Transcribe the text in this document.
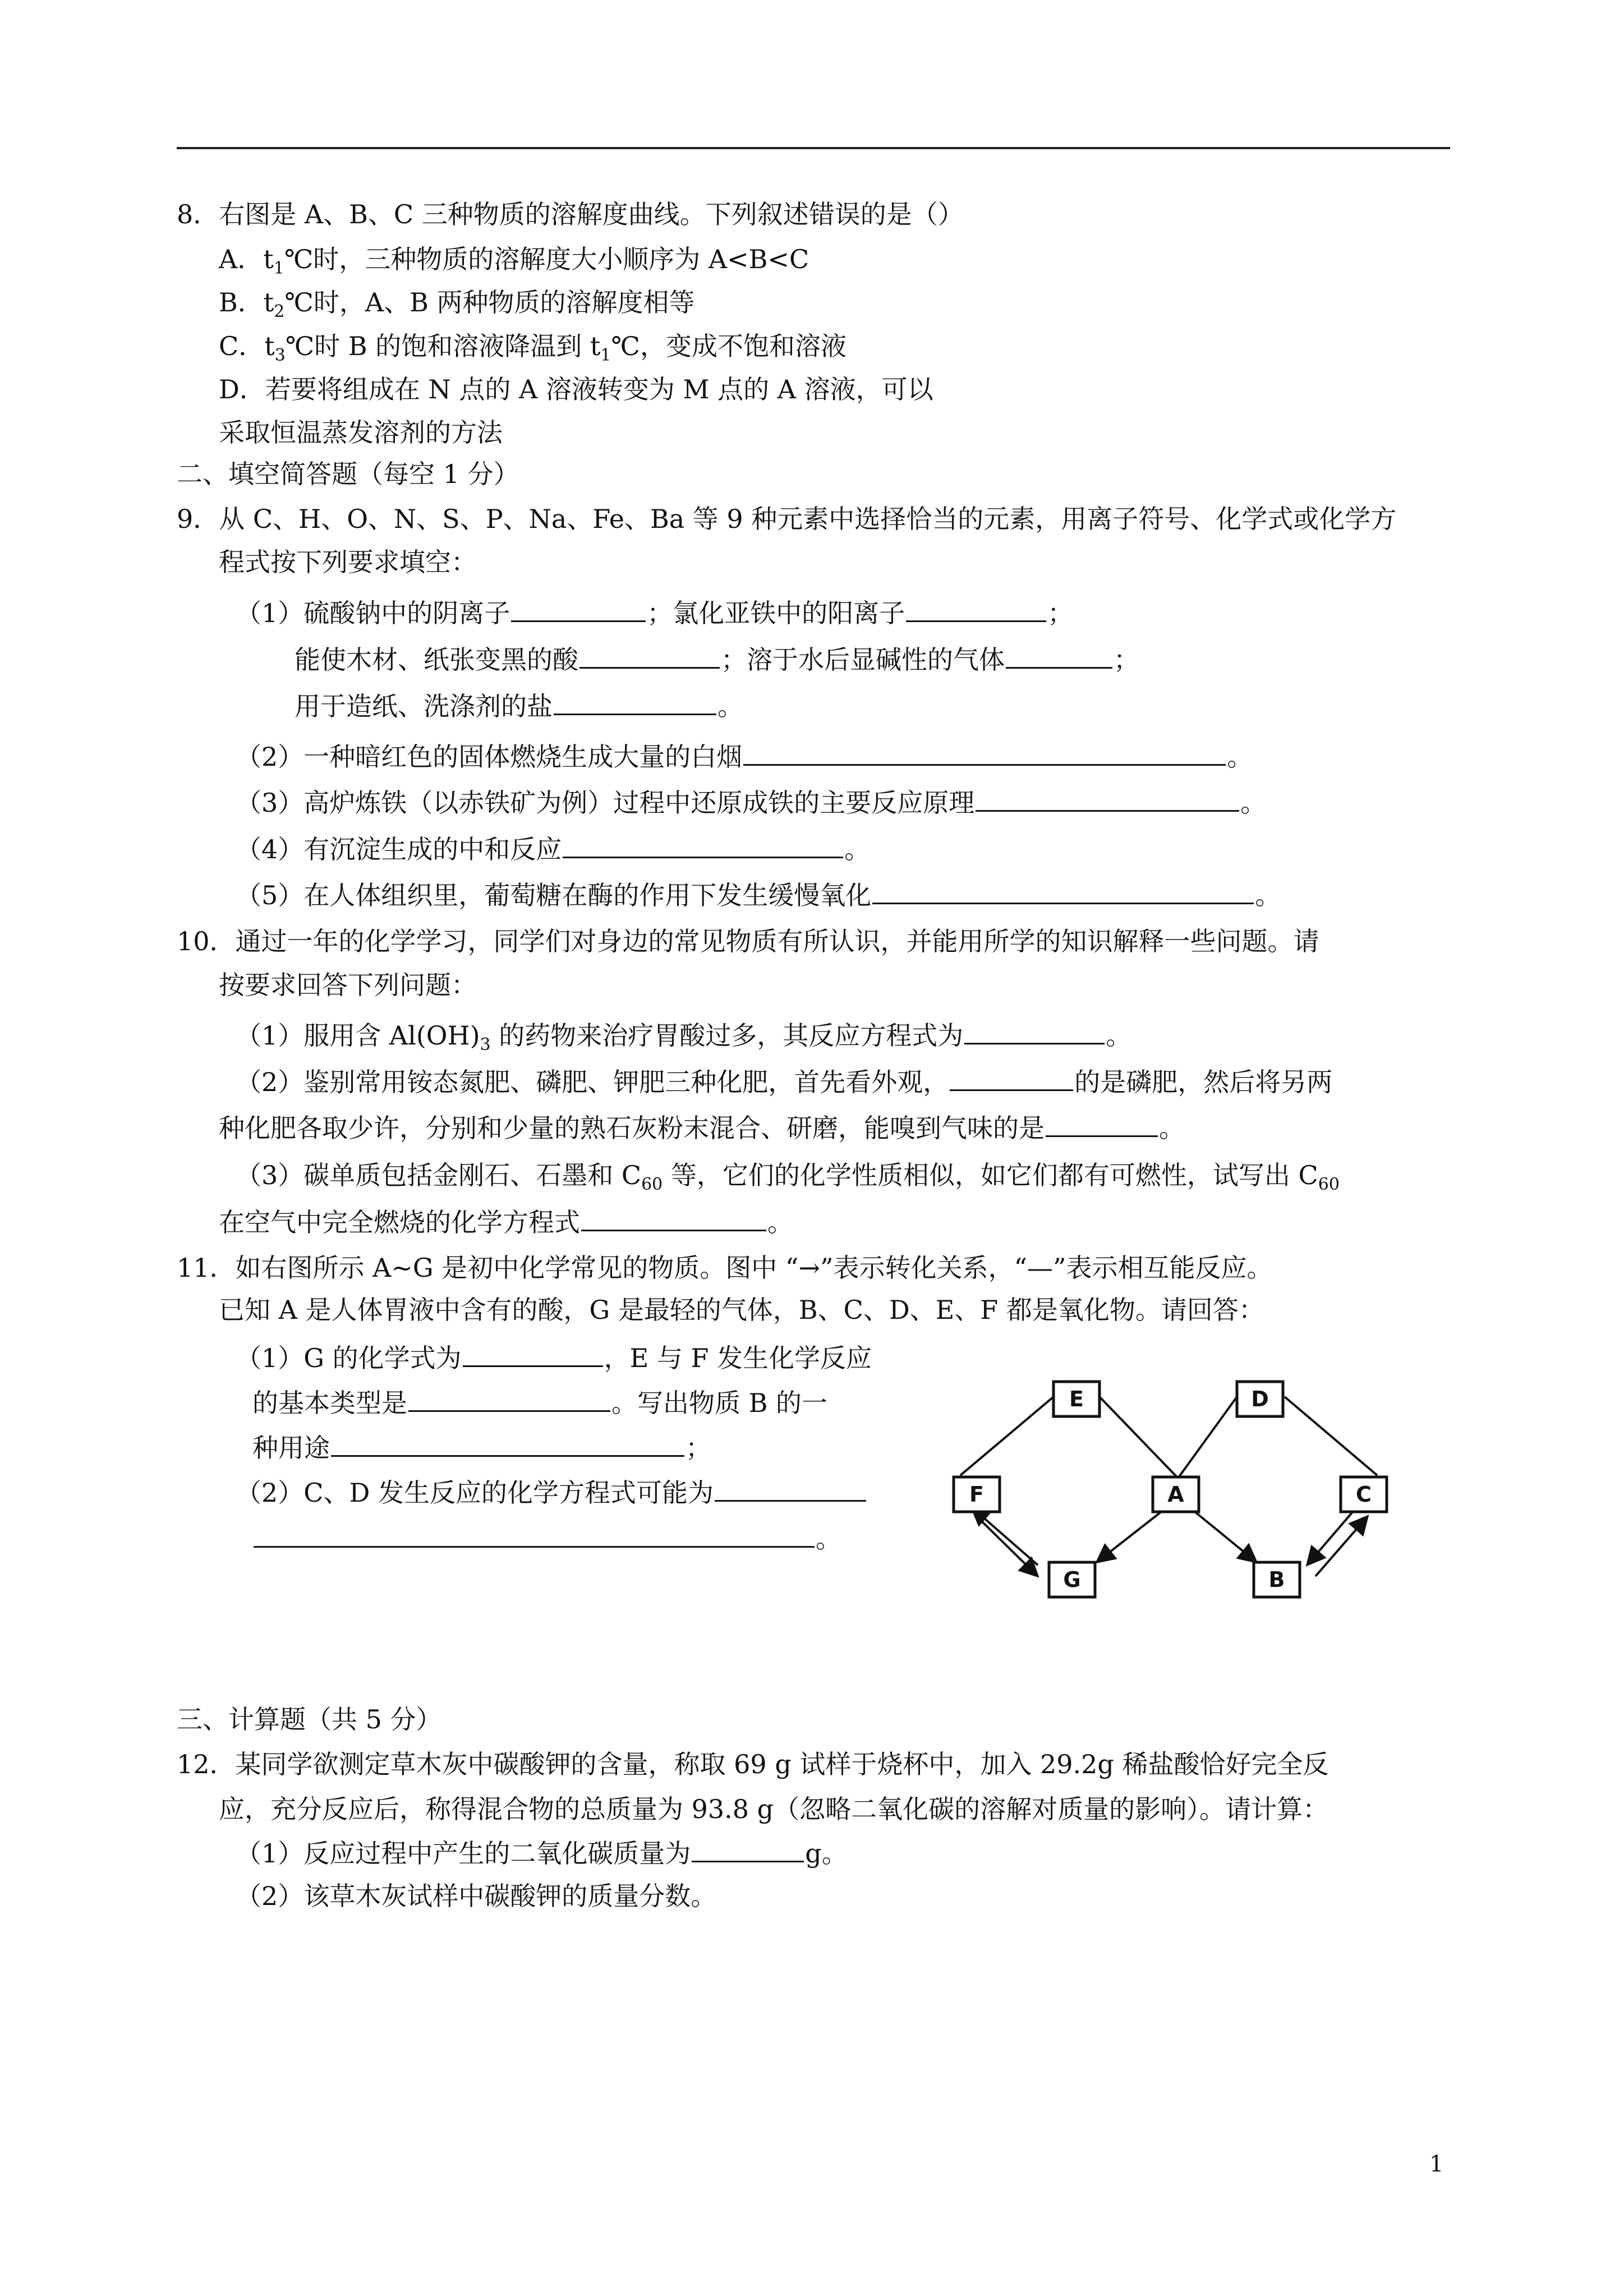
8．右图是 A、B、C 三种物质的溶解度曲线。下列叙述错误的是（）
A．$t_1℃$时，三种物质的溶解度大小顺序为 A<B<C
B．$t_2℃$时，A、B 两种物质的溶解度相等
C．$t_3℃$时 B 的饱和溶液降温到 $t_1℃$，变成不饱和溶液
D．若要将组成在 N 点的 A 溶液转变为 M 点的 A 溶液，可以
采取恒温蒸发溶剂的方法
二、填空简答题（每空 1 分）
9．从 C、H、O、N、S、P、Na、Fe、Ba 等 9 种元素中选择恰当的元素，用离子符号、化学式或化学方
程式按下列要求填空：
（1）硫酸钠中的阴离子	；氯化亚铁中的阳离子	；
能使木材、纸张变黑的酸	；溶于水后显碱性的气体	；
用于造纸、洗涤剂的盐	。
（2）一种暗红色的固体燃烧生成大量的白烟	。
（3）高炉炼铁（以赤铁矿为例）过程中还原成铁的主要反应原理	。
（4）有沉淀生成的中和反应	。
（5）在人体组织里，葡萄糖在酶的作用下发生缓慢氧化	。
10．通过一年的化学学习，同学们对身边的常见物质有所认识，并能用所学的知识解释一些问题。请
按要求回答下列问题：
（1）服用含 $Al(OH)_3$ 的药物来治疗胃酸过多，其反应方程式为	。
（2）鉴别常用铵态氮肥、磷肥、钾肥三种化肥，首先看外观，	的是磷肥，然后将另两
种化肥各取少许，分别和少量的熟石灰粉末混合、研磨，能嗅到气味的是	。
（3）碳单质包括金刚石、石墨和 $C_{60}$ 等，它们的化学性质相似，如它们都有可燃性，试写出 $C_{60}$
在空气中完全燃烧的化学方程式	。
11．如右图所示 A~G 是初中化学常见的物质。图中 “→”表示转化关系，“—”表示相互能反应。
已知 A 是人体胃液中含有的酸，G 是最轻的气体，B、C、D、E、F 都是氧化物。请回答：
（1）G 的化学式为	，E 与 F 发生化学反应
的基本类型是	。写出物质 B 的一
种用途	；
（2）C、D 发生反应的化学方程式可能为
。
E	D
F	A	C
G	B
三、计算题（共 5 分）
12．某同学欲测定草木灰中碳酸钾的含量，称取 69 g 试样于烧杯中，加入 29.2g 稀盐酸恰好完全反
应，充分反应后，称得混合物的总质量为 93.8 g（忽略二氧化碳的溶解对质量的影响）。请计算：
（1）反应过程中产生的二氧化碳质量为	g。
（2）该草木灰试样中碳酸钾的质量分数。
1
